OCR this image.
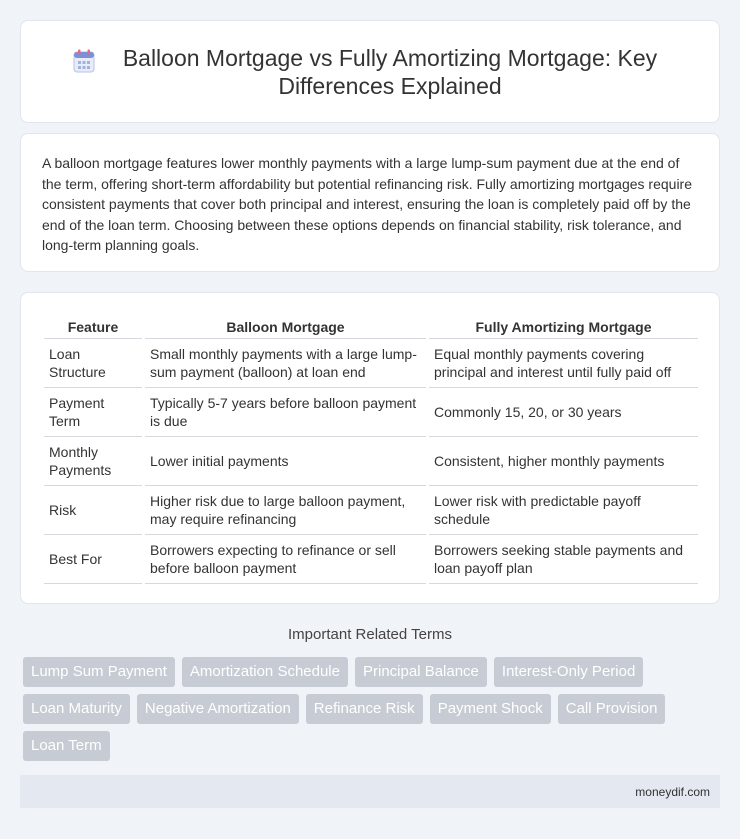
Balloon Mortgage vs Fully Amortizing Mortgage: Key Differences Explained

A balloon mortgage features lower monthly payments with a large lump-sum payment due at the end of the term, offering short-term affordability but potential refinancing risk. Fully amortizing mortgages require consistent payments that cover both principal and interest, ensuring the loan is completely paid off by the end of the loan term. Choosing between these options depends on financial stability, risk tolerance, and long-term planning goals.

Feature		Balloon Mortgage		Fully Amortizing Mortgage
Loan Structure		Small monthly payments with a large lump-sum payment (balloon) at loan end		Equal monthly payments covering principal and interest until fully paid off
Payment Term		Typically 5-7 years before balloon payment is due		Commonly 15, 20, or 30 years
Monthly Payments		Lower initial payments		Consistent, higher monthly payments
Risk		Higher risk due to large balloon payment, may require refinancing		Lower risk with predictable payoff schedule
Best For		Borrowers expecting to refinance or sell before balloon payment		Borrowers seeking stable payments and loan payoff plan
Important Related Terms
Lump Sum Payment	Amortization Schedule	Principal Balance	Interest-Only Period
Loan Maturity	Negative Amortization	Refinance Risk	Payment Shock	Call Provision
Loan Term
moneydif.com
